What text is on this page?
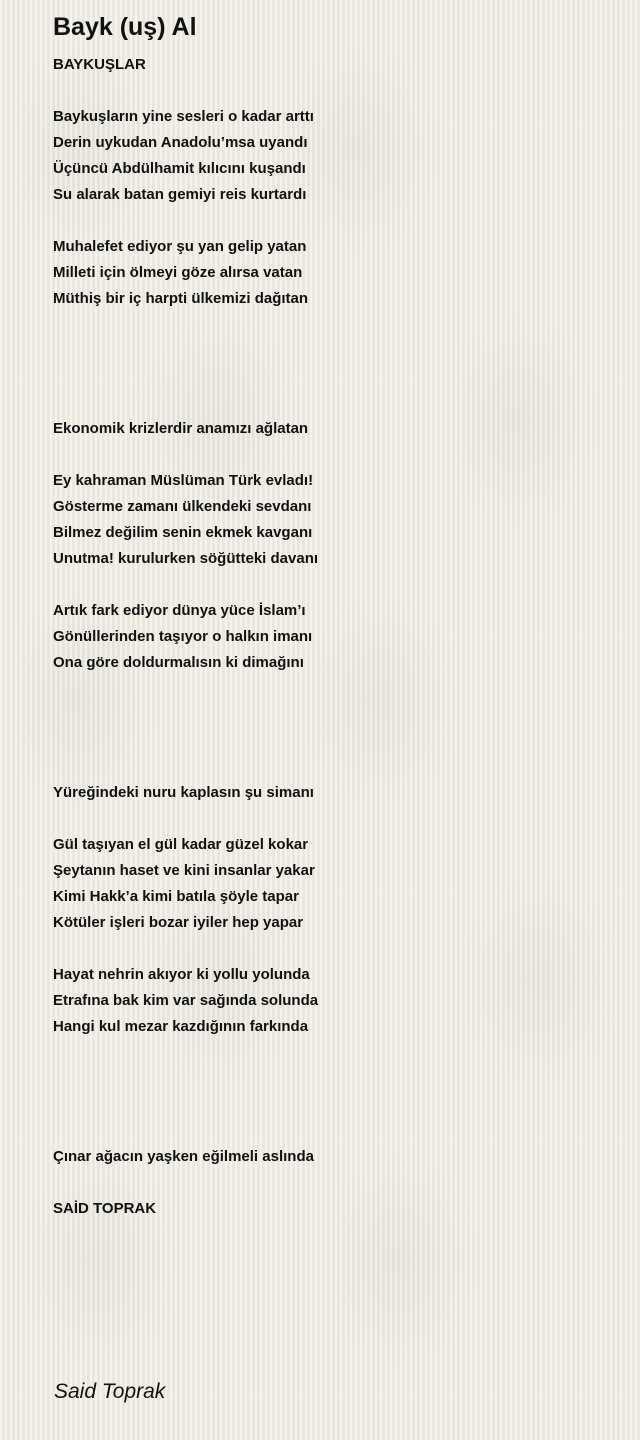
Bayk (uş) Al
BAYKUŞLAR
Baykuşların yine sesleri o kadar arttı
Derin uykudan Anadolu’msa uyandı
Üçüncü Abdülhamit kılıcını kuşandı
Su alarak batan gemiyi reis kurtardı
Muhalefet ediyor şu yan gelip yatan
Milleti için ölmeyi göze alırsa vatan
Müthiş bir iç harpti ülkemizi dağıtan
Ekonomik krizlerdir anamızı ağlatan
Ey kahraman Müslüman Türk evladı!
Gösterme zamanı ülkendeki sevdanı
Bilmez değilim senin ekmek kavganı
Unutma! kurulurken söğütteki davanı
Artık fark ediyor dünya yüce İslam’ı
Gönüllerinden taşıyor o halkın imanı
Ona göre doldurmalısın ki dimağını
Yüreğindeki nuru kaplasın şu simanı
Gül taşıyan el gül kadar güzel kokar
Şeytanın haset ve kini insanlar yakar
Kimi Hakk’a kimi batıla şöyle tapar
Kötüler işleri bozar iyiler hep yapar
Hayat nehrin akıyor ki yollu yolunda
Etrafına bak kim var sağında solunda
Hangi kul mezar kazdığının farkında
Çınar ağacın yaşken eğilmeli aslında
SAİD TOPRAK
Said Toprak
